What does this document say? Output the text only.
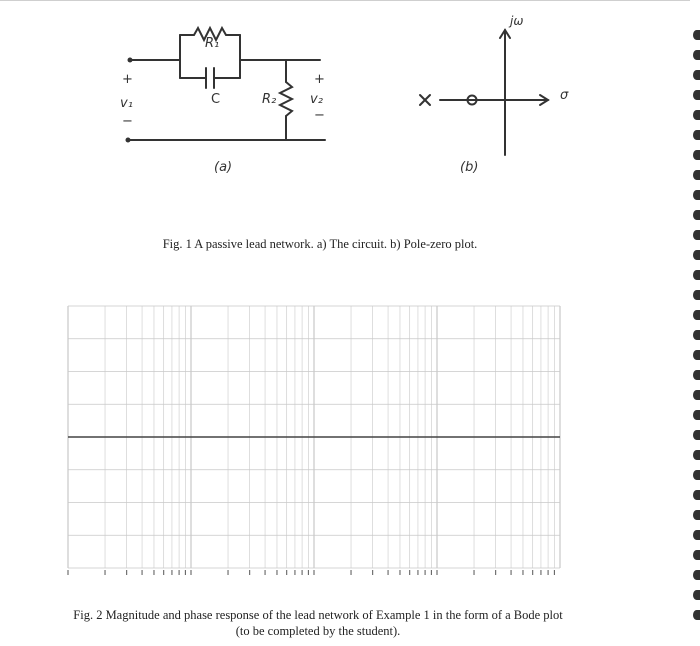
R₁
C	R₂
+
v₁
−
+
v₂
−
(a)
jω
σ
(b)
Fig. 1 A passive lead network. a) The circuit. b) Pole-zero plot.
Fig. 2 Magnitude and phase response of the lead network of Example 1 in the form of a Bode plot
(to be completed by the student).
